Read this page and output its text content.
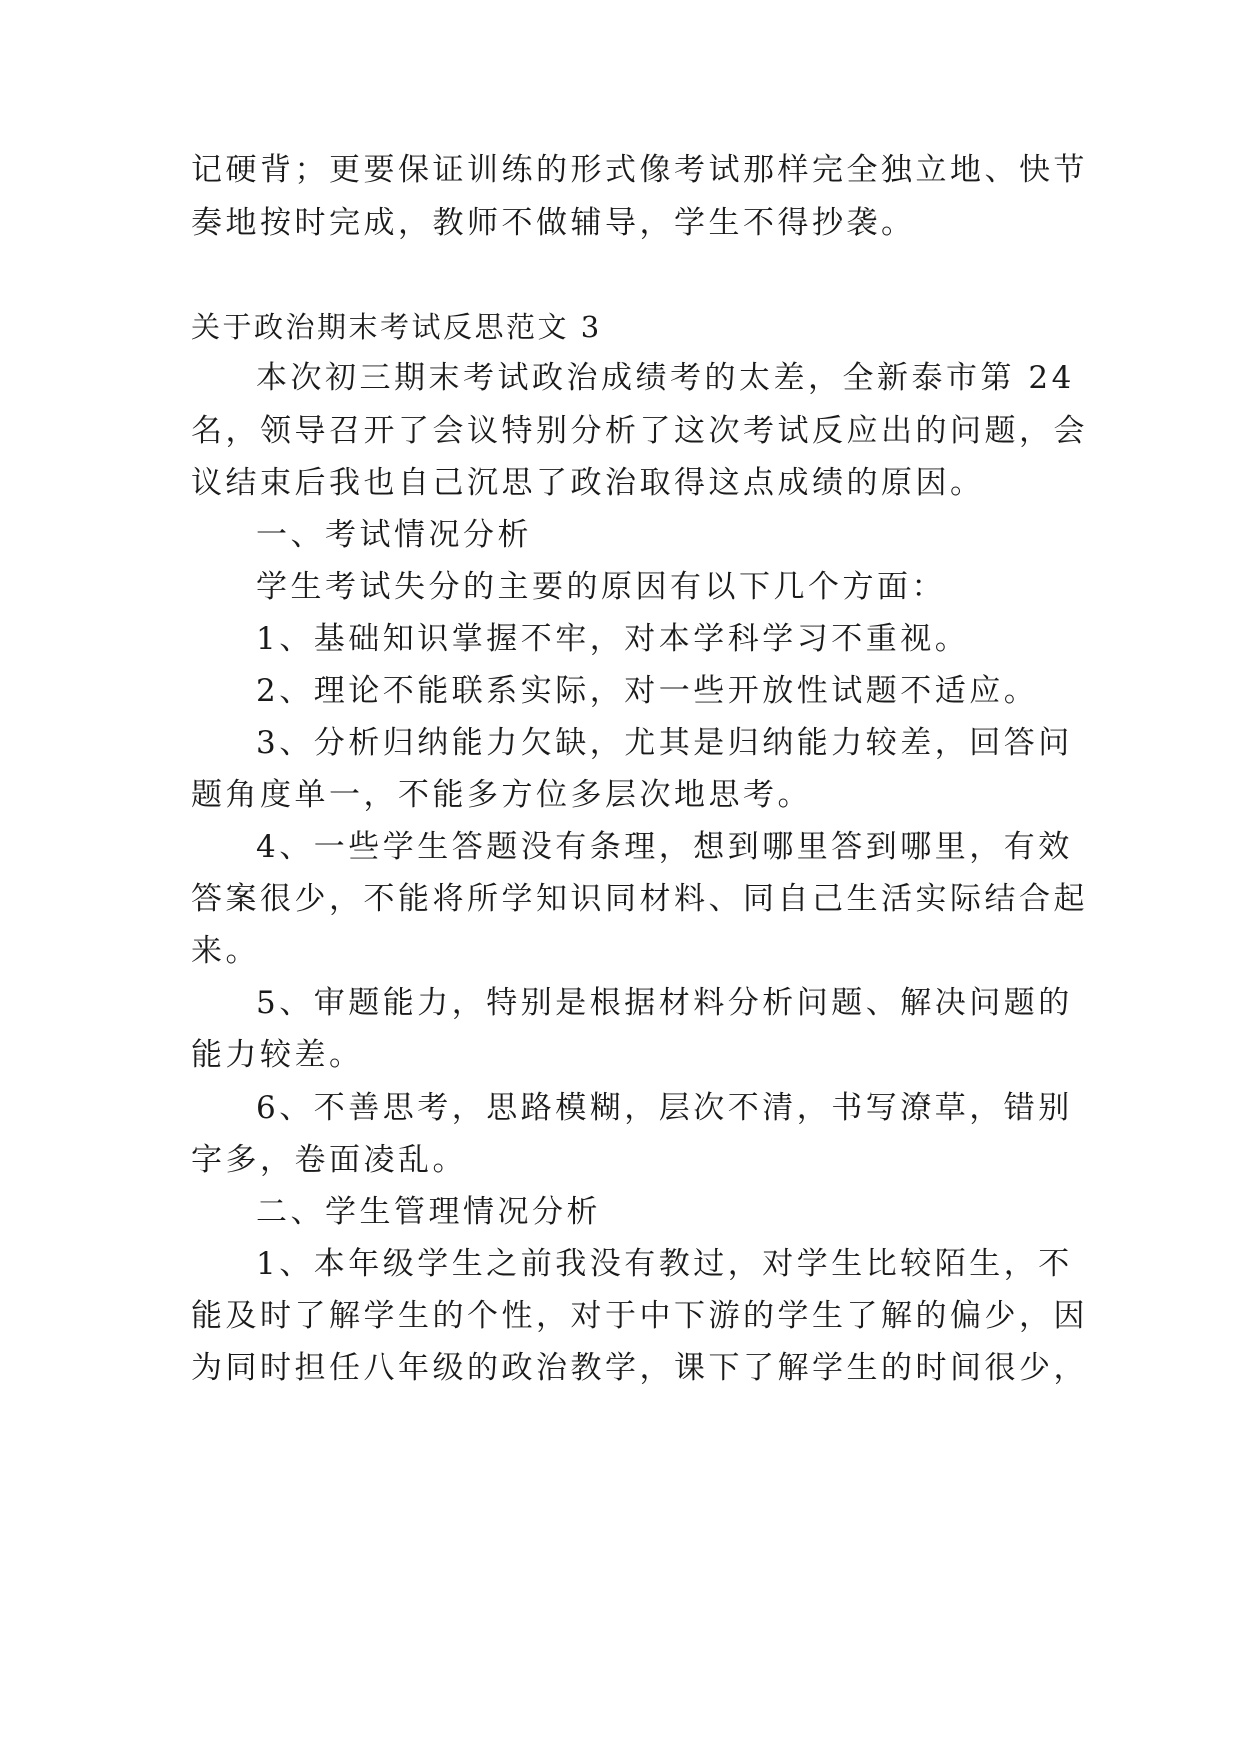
记硬背；更要保证训练的形式像考试那样完全独立地、快节
奏地按时完成，教师不做辅导，学生不得抄袭。
关于政治期末考试反思范文 3
本次初三期末考试政治成绩考的太差，全新泰市第 24
名，领导召开了会议特别分析了这次考试反应出的问题，会
议结束后我也自己沉思了政治取得这点成绩的原因。
一、考试情况分析
学生考试失分的主要的原因有以下几个方面：
1、基础知识掌握不牢，对本学科学习不重视。
2、理论不能联系实际，对一些开放性试题不适应。
3、分析归纳能力欠缺，尤其是归纳能力较差，回答问
题角度单一，不能多方位多层次地思考。
4、一些学生答题没有条理，想到哪里答到哪里，有效
答案很少，不能将所学知识同材料、同自己生活实际结合起
来。
5、审题能力，特别是根据材料分析问题、解决问题的
能力较差。
6、不善思考，思路模糊，层次不清，书写潦草，错别
字多，卷面凌乱。
二、学生管理情况分析
1、本年级学生之前我没有教过，对学生比较陌生，不
能及时了解学生的个性，对于中下游的学生了解的偏少，因
为同时担任八年级的政治教学，课下了解学生的时间很少，
